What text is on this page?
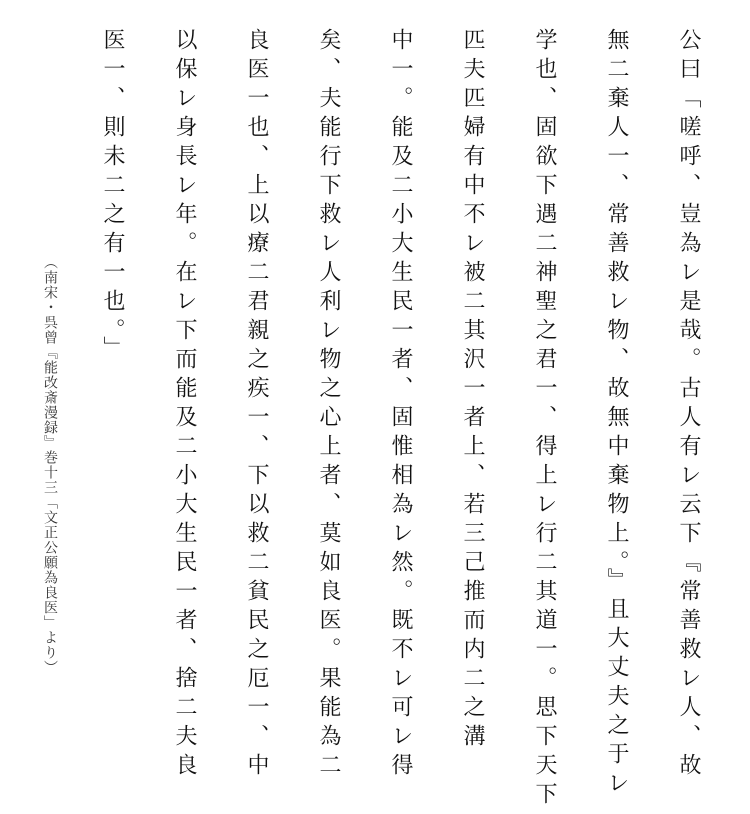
公曰「嗟呼、豈為レ是哉。古人有レ云下『常善救レ人、故
無二棄人一、常善救レ物、故無中棄物上。』且大丈夫之于レ
学也、固欲下遇二神聖之君一、得上レ行二其道一。思下天下
匹夫匹婦有中不レ被二其沢一者上、若三己推而内二之溝
中一。能及二小大生民一者、固惟相為レ然。既不レ可レ得
矣、夫能行下救レ人利レ物之心上者、莫如良医。果能為二
良医一也、上以療二君親之疾一、下以救二貧民之厄一、中
以保レ身長レ年。在レ下而能及二小大生民一者、捨二夫良
医一、則未二之有一也。」
（南宋・呉曾『能改斎漫録』巻十三「文正公願為良医」より）
